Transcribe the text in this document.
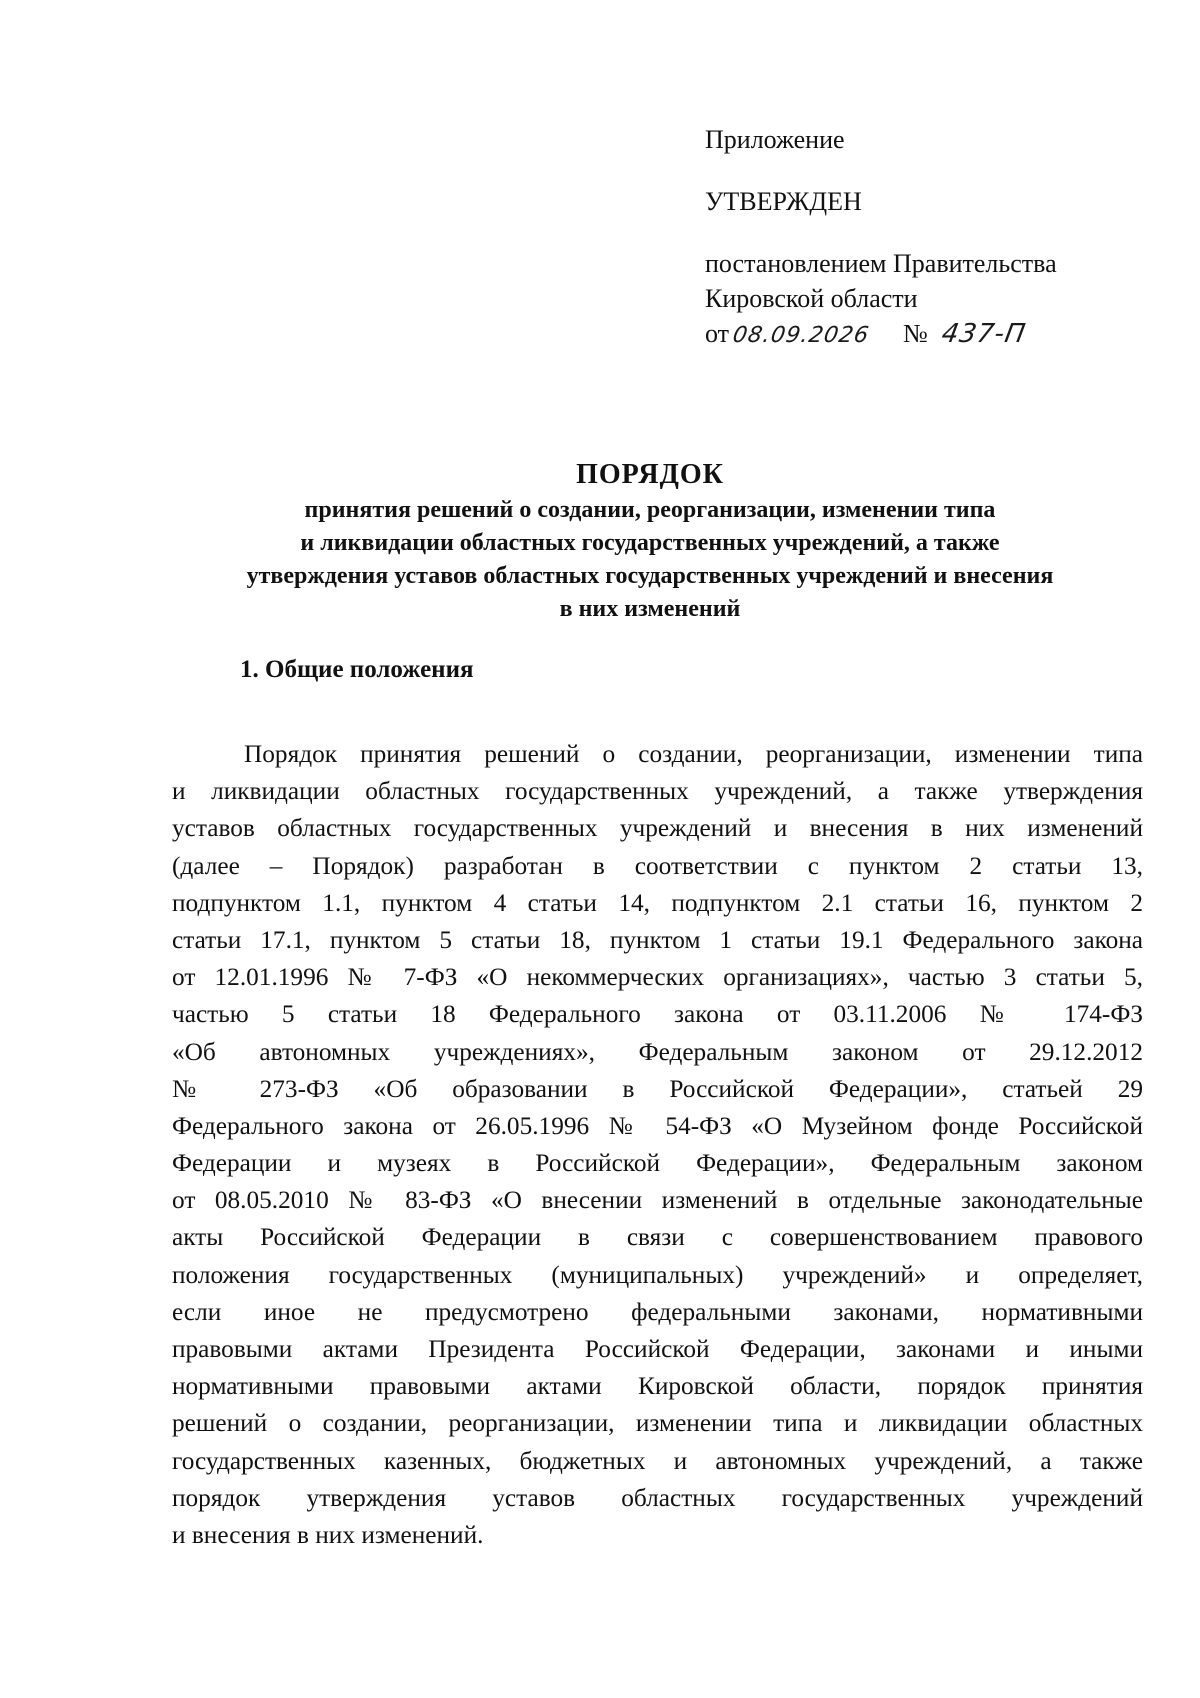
Приложение
УТВЕРЖДЕН
постановлением Правительства
Кировской области
от 08.09.2026 № 437-П
ПОРЯДОК
принятия решений о создании, реорганизации, изменении типа
и ликвидации областных государственных учреждений, а также
утверждения уставов областных государственных учреждений и внесения
в них изменений
1. Общие положения
Порядок принятия решений о создании, реорганизации, изменении типа
и ликвидации областных государственных учреждений, а также утверждения
уставов областных государственных учреждений и внесения в них изменений
(далее – Порядок) разработан в соответствии с пунктом 2 статьи 13,
подпунктом 1.1, пунктом 4 статьи 14, подпунктом 2.1 статьи 16, пунктом 2
статьи 17.1, пунктом 5 статьи 18, пунктом 1 статьи 19.1 Федерального закона
от 12.01.1996 № 7-ФЗ «О некоммерческих организациях», частью 3 статьи 5,
частью 5 статьи 18 Федерального закона от 03.11.2006 № 174-ФЗ
«Об автономных учреждениях», Федеральным законом от 29.12.2012
№ 273-ФЗ «Об образовании в Российской Федерации», статьей 29
Федерального закона от 26.05.1996 № 54-ФЗ «О Музейном фонде Российской
Федерации и музеях в Российской Федерации», Федеральным законом
от 08.05.2010 № 83-ФЗ «О внесении изменений в отдельные законодательные
акты Российской Федерации в связи с совершенствованием правового
положения государственных (муниципальных) учреждений» и определяет,
если иное не предусмотрено федеральными законами, нормативными
правовыми актами Президента Российской Федерации, законами и иными
нормативными правовыми актами Кировской области, порядок принятия
решений о создании, реорганизации, изменении типа и ликвидации областных
государственных казенных, бюджетных и автономных учреждений, а также
порядок утверждения уставов областных государственных учреждений
и внесения в них изменений.
